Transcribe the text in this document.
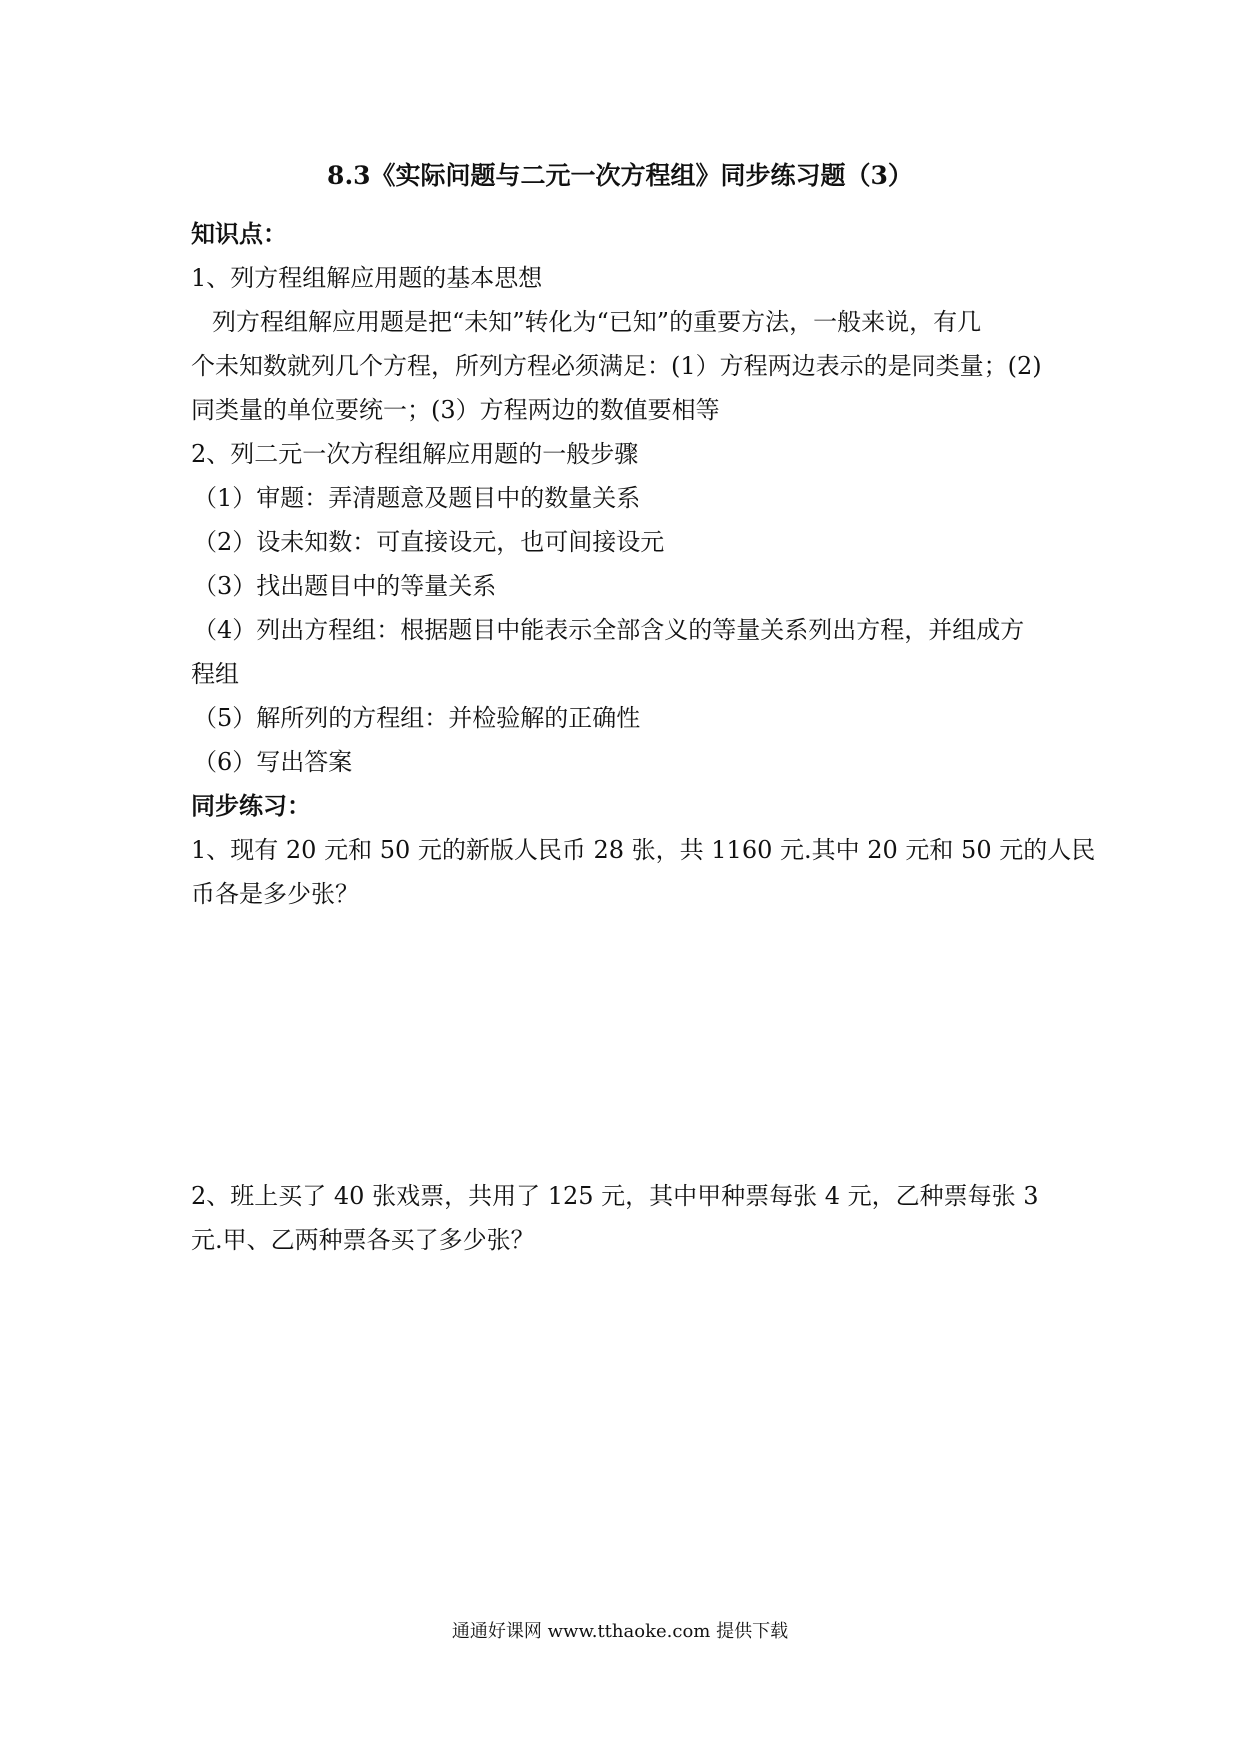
8.3《实际问题与二元一次方程组》同步练习题（3）
知识点：
1、列方程组解应用题的基本思想
列方程组解应用题是把“未知”转化为“已知”的重要方法，一般来说，有几
个未知数就列几个方程，所列方程必须满足：(1）方程两边表示的是同类量；(2)
同类量的单位要统一；(3）方程两边的数值要相等
2、列二元一次方程组解应用题的一般步骤
（1）审题：弄清题意及题目中的数量关系
（2）设未知数：可直接设元，也可间接设元
（3）找出题目中的等量关系
（4）列出方程组：根据题目中能表示全部含义的等量关系列出方程，并组成方
程组
（5）解所列的方程组：并检验解的正确性
（6）写出答案
同步练习：
1、现有 20 元和 50 元的新版人民币 28 张，共 1160 元.其中 20 元和 50 元的人民
币各是多少张？
2、班上买了 40 张戏票，共用了 125 元，其中甲种票每张 4 元，乙种票每张 3
元.甲、乙两种票各买了多少张？
通通好课网 www.tthaoke.com 提供下载
